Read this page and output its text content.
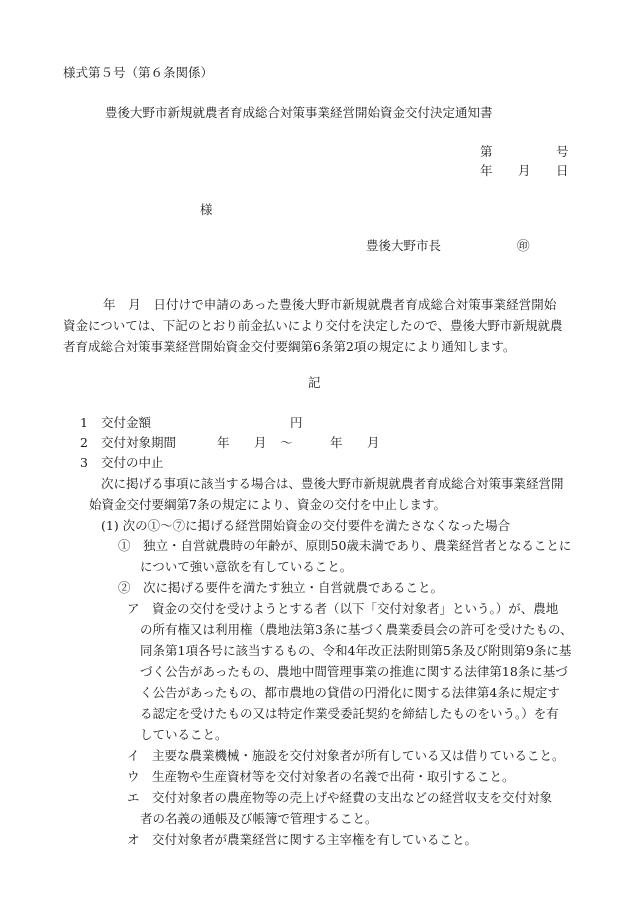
様式第５号（第６条関係）
豊後大野市新規就農者育成総合対策事業経営開始資金交付決定通知書
第	号
年 月 日
様
豊後大野市長	㊞
年　月　日付けで申請のあった豊後大野市新規就農者育成総合対策事業経営開始
資金については、下記のとおり前金払いにより交付を決定したので、豊後大野市新規就農
者育成総合対策事業経営開始資金交付要綱第6条第2項の規定により通知します。
記
1 交付金額	円
2 交付対象期間	年 月 ～	年 月
3 交付の中止
次に掲げる事項に該当する場合は、豊後大野市新規就農者育成総合対策事業経営開
始資金交付要綱第7条の規定により、資金の交付を中止します。
(1) 次の①～⑦に掲げる経営開始資金の交付要件を満たさなくなった場合
①　独立・自営就農時の年齢が、原則50歳未満であり、農業経営者となることに
について強い意欲を有していること。
②　次に掲げる要件を満たす独立・自営就農であること。
ア　資金の交付を受けようとする者（以下「交付対象者」という。）が、農地
の所有権又は利用権（農地法第3条に基づく農業委員会の許可を受けたもの、
同条第1項各号に該当するもの、令和4年改正法附則第5条及び附則第9条に基
づく公告があったもの、農地中間管理事業の推進に関する法律第18条に基づ
く公告があったもの、都市農地の貸借の円滑化に関する法律第4条に規定す
る認定を受けたもの又は特定作業受委託契約を締結したものをいう。）を有
していること。
イ　主要な農業機械・施設を交付対象者が所有している又は借りていること。
ウ　生産物や生産資材等を交付対象者の名義で出荷・取引すること。
エ　交付対象者の農産物等の売上げや経費の支出などの経営収支を交付対象
者の名義の通帳及び帳簿で管理すること。
オ　交付対象者が農業経営に関する主宰権を有していること。
